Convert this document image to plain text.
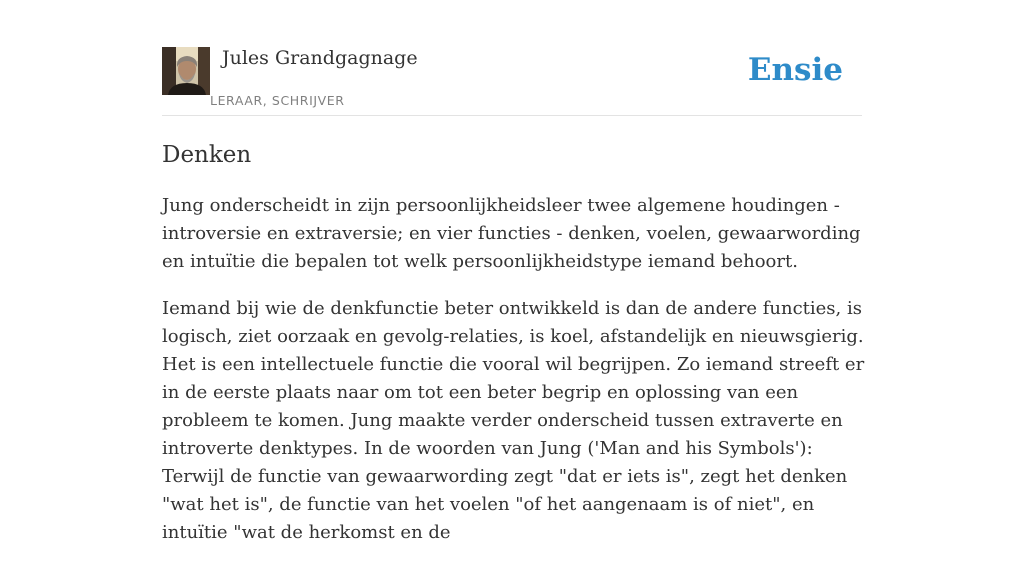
Jules Grandgagnage
LERAAR, SCHRIJVER
Ensie
Denken

Jung onderscheidt in zijn persoonlijkheidsleer twee algemene houdingen - introversie en extraversie; en vier functies - denken, voelen, gewaarwording en intuïtie die bepalen tot welk persoonlijkheidstype iemand behoort.

Iemand bij wie de denkfunctie beter ontwikkeld is dan de andere functies, is logisch, ziet oorzaak en gevolg-relaties, is koel, afstandelijk en nieuwsgierig. Het is een intellectuele functie die vooral wil begrijpen. Zo iemand streeft er in de eerste plaats naar om tot een beter begrip en oplossing van een probleem te komen. Jung maakte verder onderscheid tussen extraverte en introverte denktypes. In de woorden van Jung ('Man and his Symbols'): Terwijl de functie van gewaarwording zegt "dat er iets is", zegt het denken "wat het is", de functie van het voelen "of het aangenaam is of niet", en intuïtie "wat de herkomst en de
